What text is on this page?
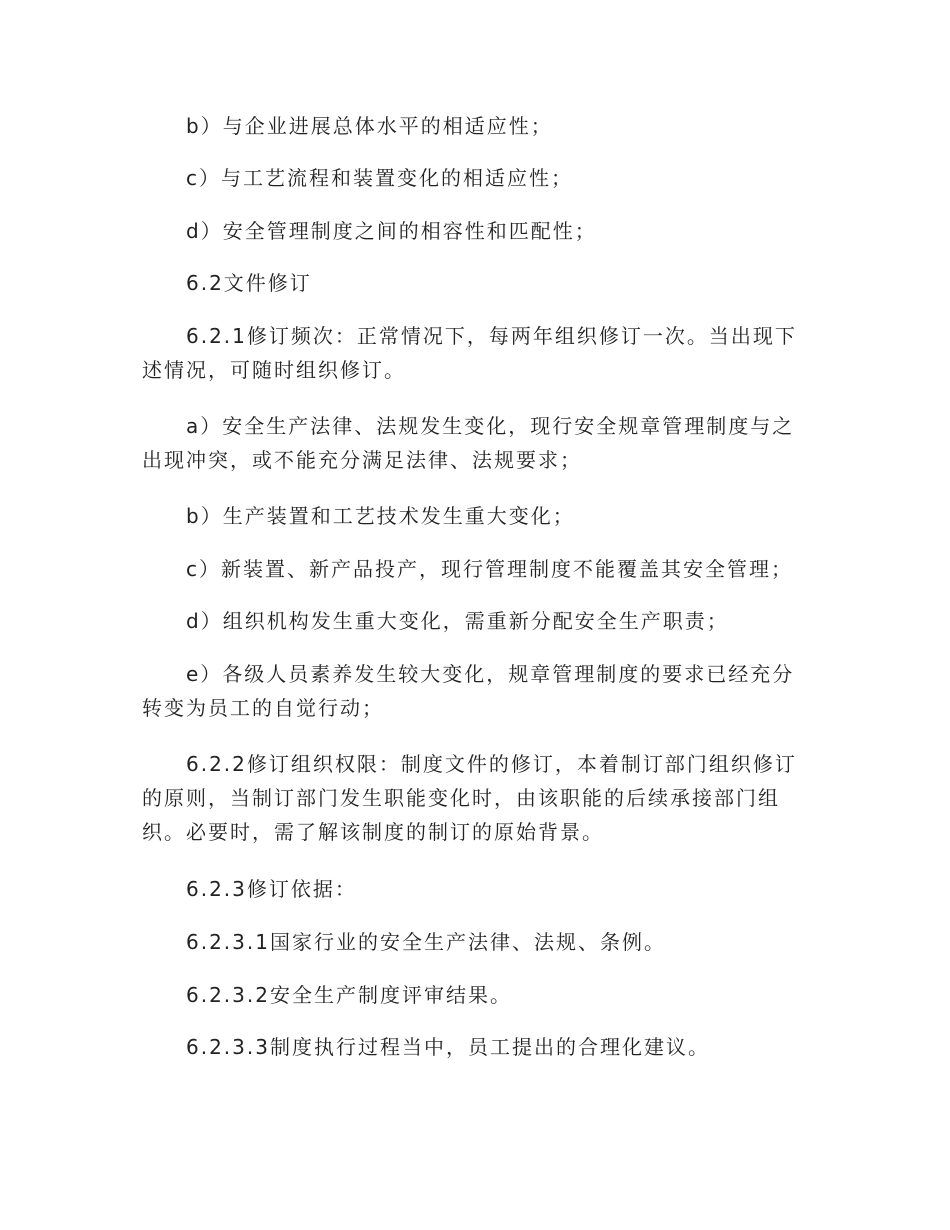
b）与企业进展总体水平的相适应性；

c）与工艺流程和装置变化的相适应性；

d）安全管理制度之间的相容性和匹配性；

6.2文件修订

6.2.1修订频次：正常情况下，每两年组织修订一次。当出现下述情况，可随时组织修订。

a）安全生产法律、法规发生变化，现行安全规章管理制度与之出现冲突，或不能充分满足法律、法规要求；

b）生产装置和工艺技术发生重大变化；

c）新装置、新产品投产，现行管理制度不能覆盖其安全管理；

d）组织机构发生重大变化，需重新分配安全生产职责；

e）各级人员素养发生较大变化，规章管理制度的要求已经充分转变为员工的自觉行动；

6.2.2修订组织权限：制度文件的修订，本着制订部门组织修订的原则，当制订部门发生职能变化时，由该职能的后续承接部门组织。必要时，需了解该制度的制订的原始背景。

6.2.3修订依据：

6.2.3.1国家行业的安全生产法律、法规、条例。

6.2.3.2安全生产制度评审结果。

6.2.3.3制度执行过程当中，员工提出的合理化建议。
